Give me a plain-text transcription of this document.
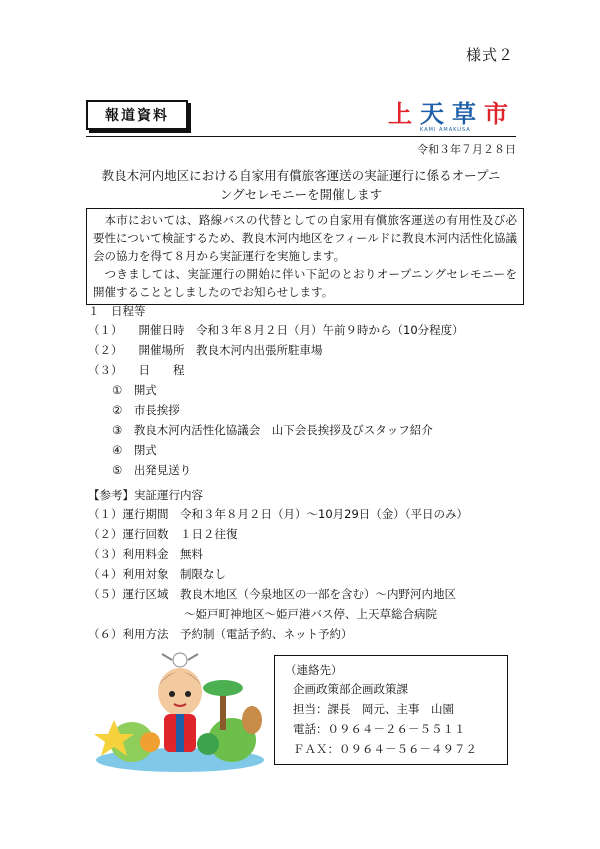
様式２
報道資料	上 天 草 市
KAMI AMAKUSA
令和３年７月２８日
教良木河内地区における自家用有償旅客運送の実証運行に係るオープニ
ングセレモニーを開催します

本市においては、路線バスの代替としての自家用有償旅客運送の有用性及び必要性について検証するため、教良木河内地区をフィールドに教良木河内活性化協議会の協力を得て８月から実証運行を実施します。

つきましては、実証運行の開始に伴い下記のとおりオープニングセレモニーを開催することとしましたのでお知らせします。

１　日程等
（１） 開催日時　 令和３年８月２日（月）午前９時から（10分程度）
（２） 開催場所　 教良木河内出張所駐車場
（３） 日　　程
①　 開式
②　 市長挨拶
③　 教良木河内活性化協議会　山下会長挨拶及びスタッフ紹介
④　 閉式
⑤　 出発見送り
【参考】実証運行内容
（１）運行期間　 令和３年８月２日（月）～10月29日（金）（平日のみ）
（２）運行回数　 １日２往復
（３）利用料金　 無料
（４）利用対象　 制限なし
（５）運行区域　 教良木地区（今泉地区の一部を含む）～内野河内地区
～姫戸町神地区～姫戸港バス停、上天草総合病院
（６）利用方法　 予約制（電話予約、ネット予約）
（連絡先）
企画政策部企画政策課
担当：課長　岡元、主事　山園
電話：０９６４－２６－５５１１
ＦＡＸ：０９６４－５６－４９７２
